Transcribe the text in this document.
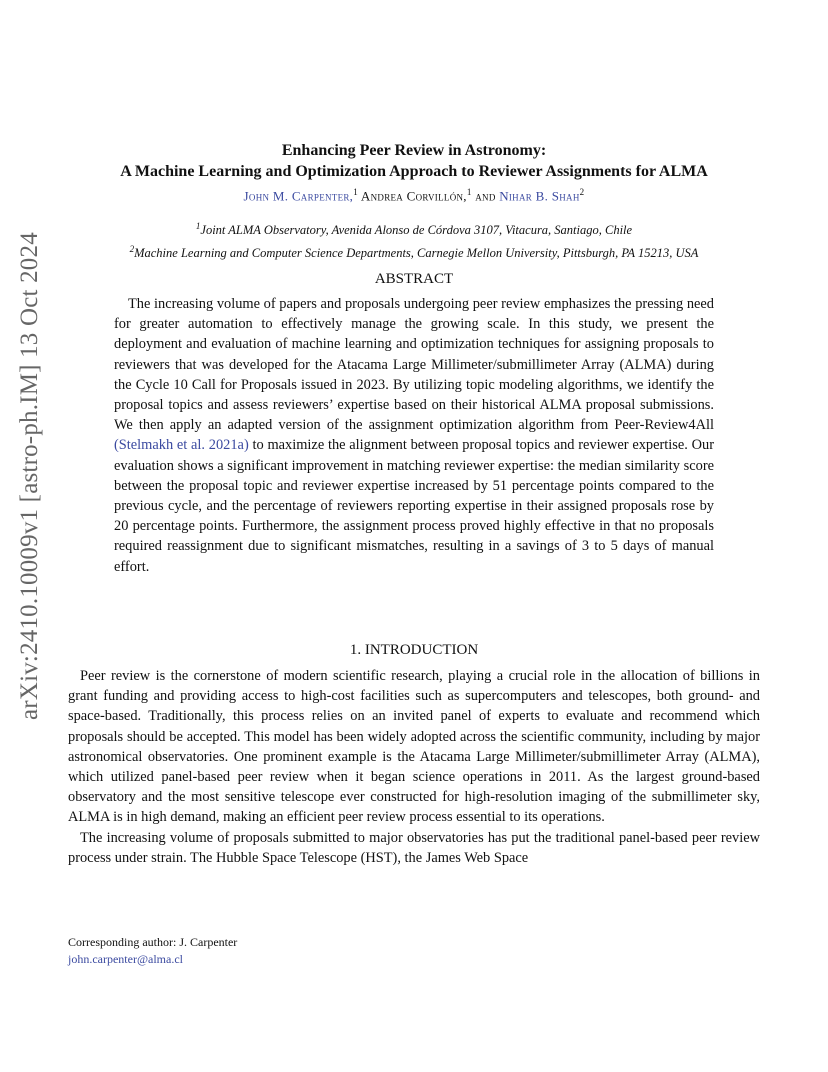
arXiv:2410.10009v1 [astro-ph.IM] 13 Oct 2024
Enhancing Peer Review in Astronomy:
A Machine Learning and Optimization Approach to Reviewer Assignments for ALMA
John M. Carpenter,$^1$ Andrea Corvillón,$^1$ and Nihar B. Shah$^2$
$^1$Joint ALMA Observatory, Avenida Alonso de Córdova 3107, Vitacura, Santiago, Chile
$^2$Machine Learning and Computer Science Departments, Carnegie Mellon University, Pittsburgh, PA 15213, USA
ABSTRACT
The increasing volume of papers and proposals undergoing peer review emphasizes the pressing need for greater automation to effectively manage the growing scale. In this study, we present the deployment and evaluation of machine learning and optimization techniques for assigning proposals to reviewers that was developed for the Atacama Large Millimeter/submillimeter Array (ALMA) during the Cycle 10 Call for Proposals issued in 2023. By utilizing topic modeling algorithms, we identify the proposal topics and assess reviewers’ expertise based on their historical ALMA proposal submissions. We then apply an adapted version of the assignment optimization algorithm from Peer-Review4All (Stelmakh et al. 2021a) to maximize the alignment between proposal topics and reviewer expertise. Our evaluation shows a significant improvement in matching reviewer expertise: the median similarity score between the proposal topic and reviewer expertise increased by 51 percentage points compared to the previous cycle, and the percentage of reviewers reporting expertise in their assigned proposals rose by 20 percentage points. Furthermore, the assignment process proved highly effective in that no proposals required reassignment due to significant mismatches, resulting in a savings of 3 to 5 days of manual effort.
1. INTRODUCTION

Peer review is the cornerstone of modern scientific research, playing a crucial role in the allocation of billions in grant funding and providing access to high-cost facilities such as supercomputers and telescopes, both ground- and space-based. Traditionally, this process relies on an invited panel of experts to evaluate and recommend which proposals should be accepted. This model has been widely adopted across the scientific community, including by major astronomical observatories. One prominent example is the Atacama Large Millimeter/submillimeter Array (ALMA), which utilized panel-based peer review when it began science operations in 2011. As the largest ground-based observatory and the most sensitive telescope ever constructed for high-resolution imaging of the submillimeter sky, ALMA is in high demand, making an efficient peer review process essential to its operations.

The increasing volume of proposals submitted to major observatories has put the traditional panel-based peer review process under strain. The Hubble Space Telescope (HST), the James Web Space

Corresponding author: J. Carpenter
john.carpenter@alma.cl
